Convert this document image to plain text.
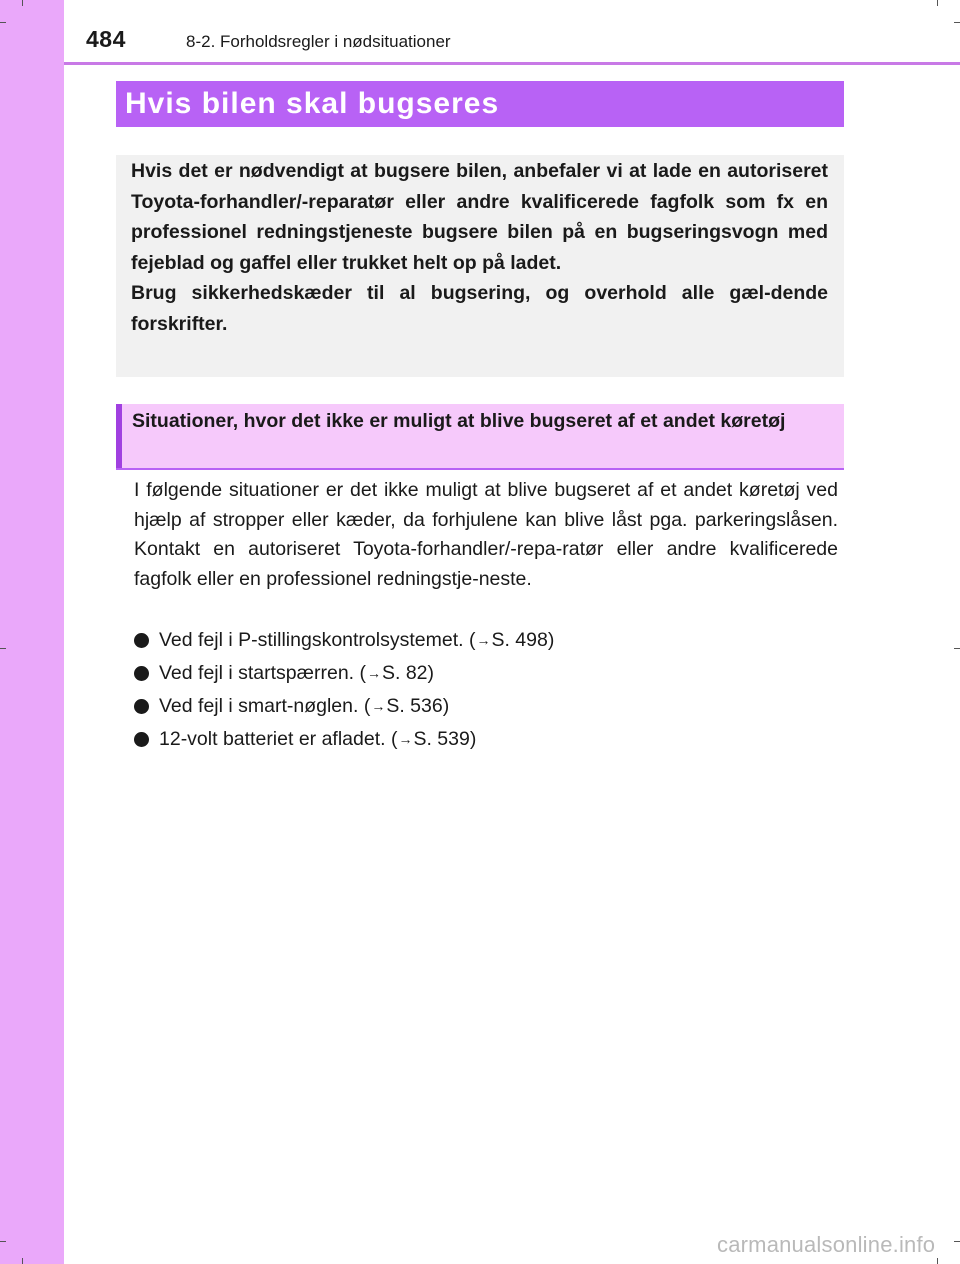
484	8-2. Forholdsregler i nødsituationer
Hvis bilen skal bugseres

Hvis det er nødvendigt at bugsere bilen, anbefaler vi at lade en autoriseret Toyota-forhandler/-reparatør eller andre kvalificerede fagfolk som fx en professionel redningstjeneste bugsere bilen på en bugseringsvogn med fejeblad og gaffel eller trukket helt op på ladet.

Brug sikkerhedskæder til al bugsering, og overhold alle gæl-dende forskrifter.

Situationer, hvor det ikke er muligt at blive bugseret af et andet køretøj

I følgende situationer er det ikke muligt at blive bugseret af et andet køretøj ved hjælp af stropper eller kæder, da forhjulene kan blive låst pga. parkeringslåsen. Kontakt en autoriseret Toyota-forhandler/-repa-ratør eller andre kvalificerede fagfolk eller en professionel redningstje-neste.

Ved fejl i P-stillingskontrolsystemet. ( → S. 498)
Ved fejl i startspærren. ( → S. 82)
Ved fejl i smart-nøglen. ( → S. 536)
12-volt batteriet er afladet. ( → S. 539)
carmanualsonline.info
